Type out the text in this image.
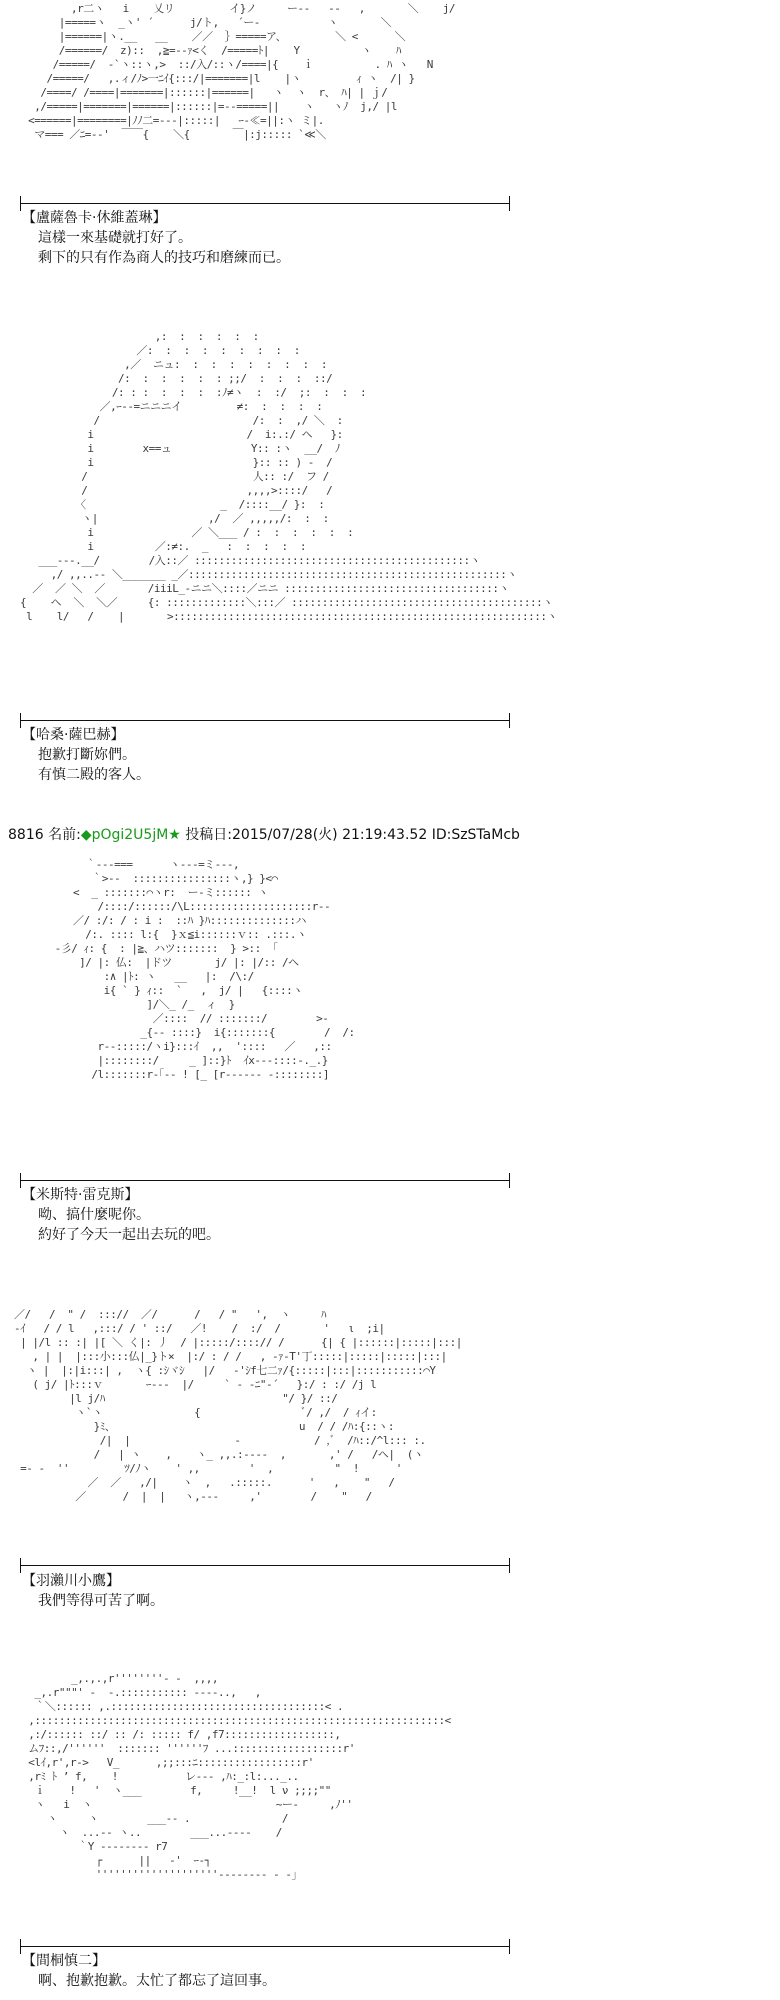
,r二ヽ   i    乂リ         イ}ノ     ー‐-   ‐‐   ,       ＼    j/
|=====ヽ  _ヽ' ´      j/ト,   ´ー‐           ヽ       ＼
|======|ヽ.__   __    ／／  ｝=====ア、        ＼ <      ＼
/======/  z)::  ,≧=‐-ｧ<く  /=====ﾄ|    Y          ヽ    ﾊ
/=====/  -`ヽ::ヽ,>  ::/入/::ヽ/====|{    ｉ          . ﾊ ヽ   N
/=====/   ,.ィ/ﾉ>一ﾆｲ{:::/|=======|l    |ヽ         ｨ ヽ  /| }
/====/ /====|=======|::::::|======|   ヽ  ヽ  r、 ﾊ| | ｊ/
,/=====|=======|======|::::::|=--=====||    ヽ   ヽﾉ  j,/ |l
<======|========|ﾉﾉ二=-‐‐|:::::|   ｰ‐≪=||:ヽ ミ|.
マ=== ／ﾆ=--'  ￣￣{    ＼{       ￣|:j::::: `≪＼
【盧薩魯卡·休維蓋琳】
這樣一來基礎就打好了。
剩下的只有作為商人的技巧和磨練而已。
,:  :  :  :  :  :
／:  :  :  :  :  :  :  :  :
,／  ニュ:  :  :  :  :  :  :  :  :
/:  :  :  :  :  : ;;/  :  :  :  ::/
/: : :  :  :  :  :ﾉ≠ヽ  :  :/  ;:  :  :  :
／,ｰ‐‐=ニニニイ         ≠:  :  :  :  :
/                         /:  :  ,/ ＼  :
i                         /  i:.:/ ヘ   }:
i        x==ュ             Y:: :ヽ  __/  ﾉ
i                          }:: :: ) -  /
/                           人:: :/  フ /
/                          ,,,,>::::/   /
〈                      _  /::::__/ }:  :
ヽ|                  ,/  ／ ,,,,,/:  :  :
i                ／ ＼___ / :  :  :  :  :  :
i          ／:≠:.  _   :  :  :  :  :
___-‐‐.__/        /入::／ :::::::::::::::::::::::::::::::::::::::::::::ヽ
,/ ,,..-‐ ＼_______ _／::::::::::::::::::::::::::::::::::::::::::::::::::::ヽ
／  ／ ＼  ／       /iiiL_-ニニ＼::::／ニニ :::::::::::::::::::::::::::::::::::ヽ
{    ヘ  ＼  ＼／     {: :::::::::::::＼:::／ :::::::::::::::::::::::::::::::::::::::::ヽ
l    l/   /    |       >:::::::::::::::::::::::::::::::::::::::::::::::::::::::::::::ヽ
【哈桑·薩巴赫】
抱歉打斷妳們。
有慎二殿的客人。
8816 名前:◆pOgi2U5jM★ 投稿日:2015/07/28(火) 21:19:43.52 ID:SzSTaMcb
｀---===      ヽ‐‐‐=ミ‐-‐,
｀>‐‐  ::::::::::::::::ヽ,} }<⌒
<  _ :::::::⌒ヽr:  ー‐ミ:::::: ヽ
/::::/::::::/\L::::::::::::::::::::r‐‐
／/ :/: / : i :  ::ﾊ }ﾊ::::::::::::::ハ
/:. :::: l:{  }ｘ≦i::::::ｖ:: .:::.ヽ
‐彡/ ｨ: {  : |≧、ハツ:::::::  } >:: 「
]/ |: 仏:  |ドツ       j/ |: |/:: /ヘ
:∧ |ﾄ: ヽ   __   |:  /\:/
i{ ` } ｨ::  `   ,  j/ |   {::::ヽ
]/＼_ /_  ィ  }
／::::  // :::::::/        >-
_{‐‐ ::::}  i{:::::::{        /  /:
r‐‐:::::/ヽi}:::ｲ  ,,  '::::   ／   ,::
|::::::::/     _ ]::}ﾄ  ｲx‐‐‐::::-._.}
/l:::::::r-｢‐‐ ! [_ [r‐‐‐‐‐‐ -::::::::]
【米斯特·雷克斯】
呦、搞什麼呢你。
約好了今天一起出去玩的吧。
／/   /  " /  ::://  ／/      /   / "   ',  ヽ     ﾊ
-ｲ   / / l   ,:::/ / ' ::/   ／!    /  :/  /       '   ι  ;i|
| |/l :: :| |[ ＼ く|: 丿  / |:::::/::::// /      {| { |::::::|:::::|:::|
, | |  |:::小:::仏|_}ト×  |:/ : / /   , -ｧ‐T'丁:::::|:::::|:::::|:::|
ヽ |  |:|i:::| ,  ヽ{ :ｼヾｼ   |/   ‐'ｼf七二ｧ/{:::::|:::|:::::::::::⌒Y
( j/ |ﾄ:::ｖ       ｰ‐‐‐  |/     ` ‐ -ﾆ"-´   }:/ : :/ /j l
|l j/ﾊ                             "/ }/ ::/
ヽ`ヽ               {                 ﾞ/ ,/  / ｨイ:
}ﾐ、                              u  / / /ﾊ:{::ヽ:
/|  |                 ‐            / ,ﾞ  /ﾊ::/^l::: :.
/   | ヽ    ,    ヽ_ ,,.:----  ,       ,' /   /ヘ|  (ヽ
=‐ -  ''         ﾂ/ﾉヽ    ' ,,        '  ,          "  !      '
／  ／   ,/|    ヽ  ,   .:::::.      '   ,    "   /
／      /  |  |   ヽ,---     ,'        /    "   /
【羽瀨川小鷹】
我們等得可苦了啊。
_,.,.,r''''''''- -  ,,,,
_,.r"""' -  -.::::::::::: ----..,   ,
｀＼:::::: ,.:::::::::::::::::::::::::::::::::::< .
,:::::::::::::::::::::::::::::::::::::::::::::::::::::::::::::::::::<
,:/:::::: ::/ :: /: ::::: f/ ,f7::::::::::::::::::,
ムﾌ::,/''''''  ::::::: ''''''ﾌ ...::::::::::::::::::r'
<lｲ,r',r->   V_      ,;;:::ﾆ:::::::::::::::::r'
,rﾐ ﾄ ’ f,    !           レ--- ,ﾊ:_:l:..._..
ｉ    !   '  ヽ___        f,     !__!  l ν ;;;;""
ヽ   i  ヽ                              ~ー-     ,ﾉ''
ヽ     ヽ        ___-- .               /
ヽ  ...-- ヽ..        ___...-‐‐‐    /
｀Y ‐‐----‐‐ r7
┌      ||   ‐'  ｰ‐┐
''''''''''''''''''''-------- ‐ -」
【間桐慎二】
啊、抱歉抱歉。太忙了都忘了這回事。
